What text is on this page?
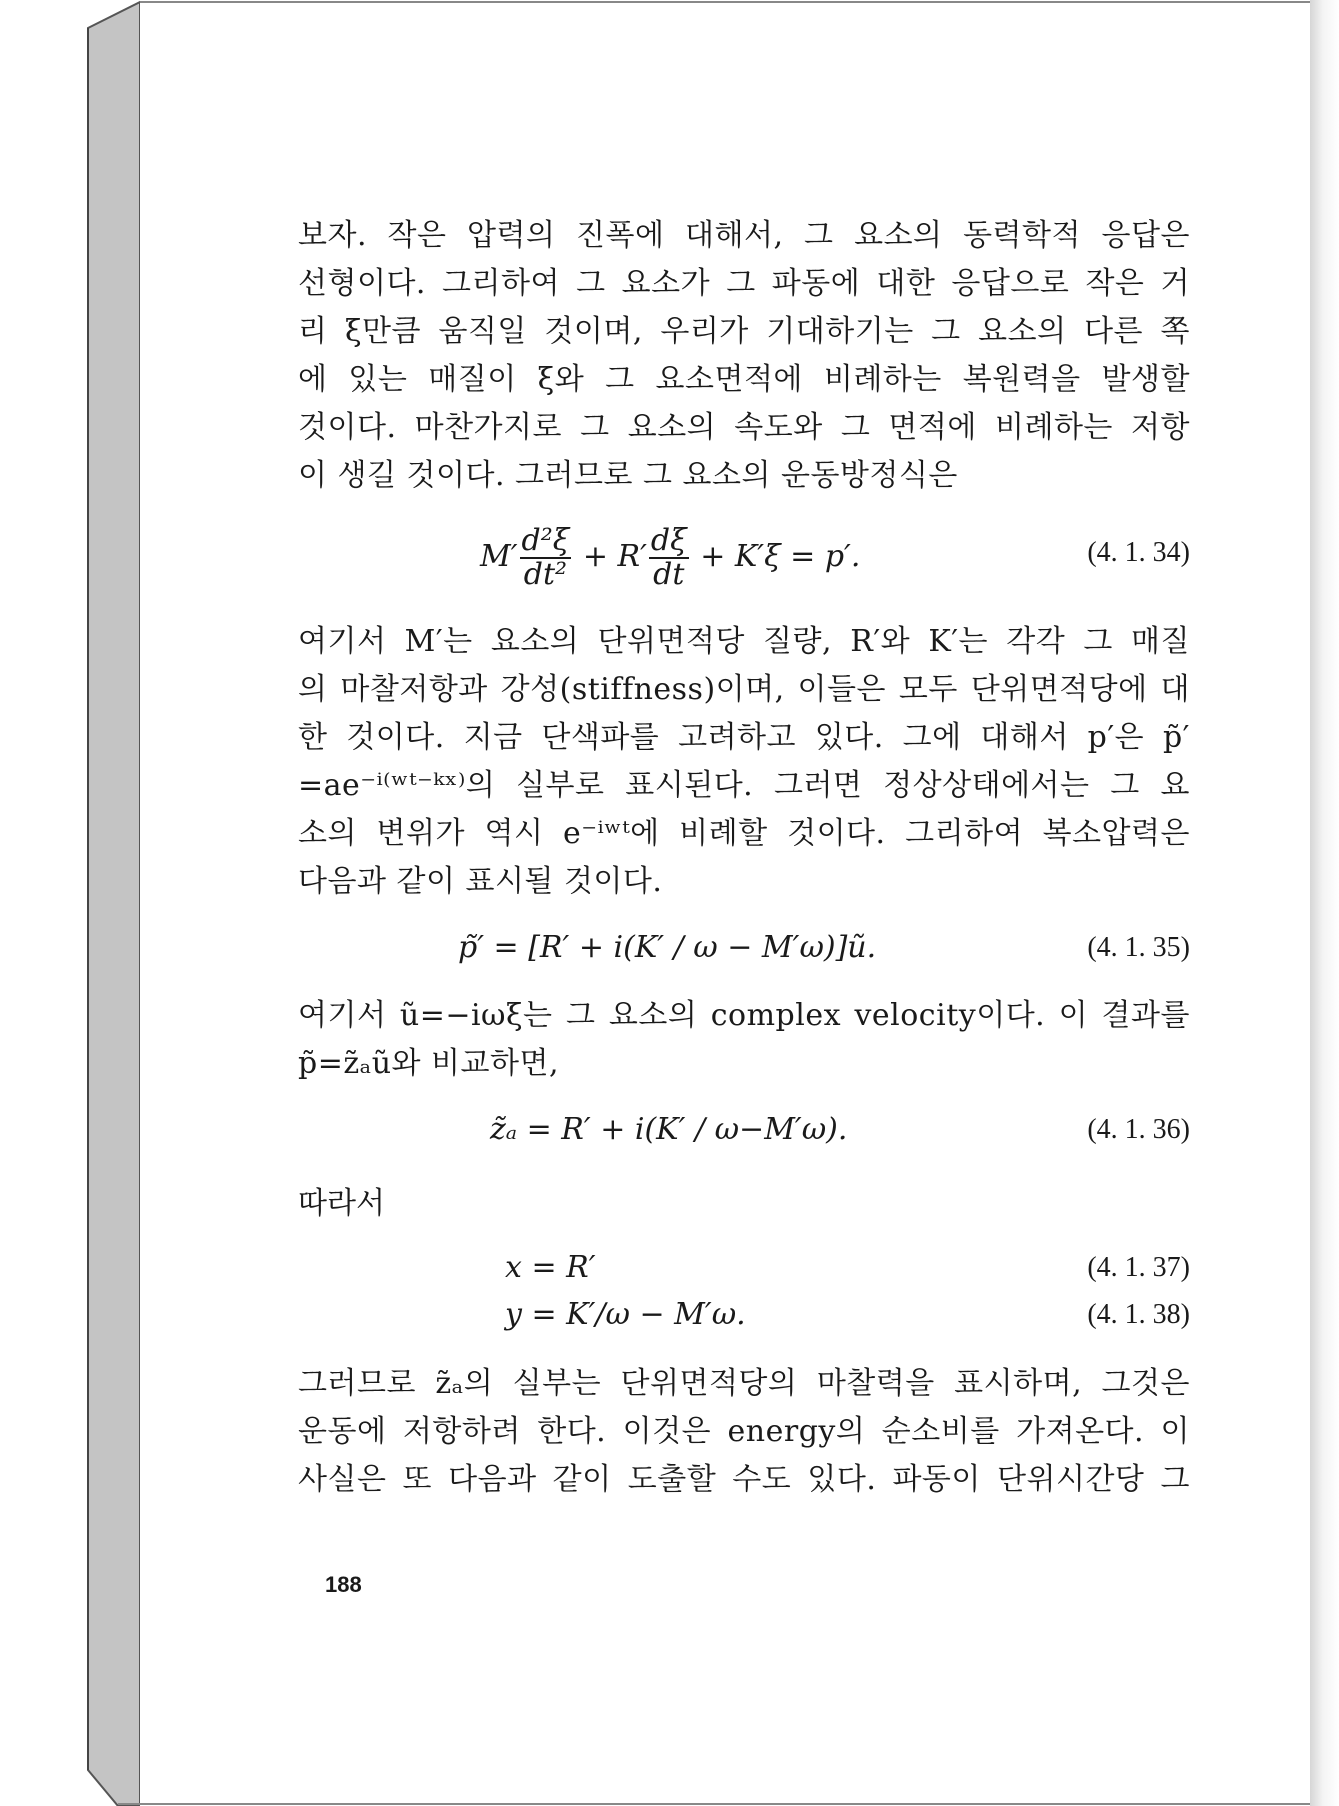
보자. 작은 압력의 진폭에 대해서, 그 요소의 동력학적 응답은
선형이다. 그리하여 그 요소가 그 파동에 대한 응답으로 작은 거
리 ξ만큼 움직일 것이며, 우리가 기대하기는 그 요소의 다른 쪽
에 있는 매질이 ξ와 그 요소면적에 비례하는 복원력을 발생할
것이다. 마찬가지로 그 요소의 속도와 그 면적에 비례하는 저항
이 생길 것이다. 그러므로 그 요소의 운동방정식은
$M' \frac{\text{d²ξ}}{\text{dt²}} + R' \frac{d\xi}{dt} + K'\xi = p'$.	(4. 1. 34)
여기서 M′는 요소의 단위면적당 질량, R′와 K′는 각각 그 매질
의 마찰저항과 강성(stiffness)이며, 이들은 모두 단위면적당에 대
한 것이다. 지금 단색파를 고려하고 있다. 그에 대해서 p′은 p̃′
=ae⁻ⁱ⁽ʷᵗ⁻ᵏˣ⁾의 실부로 표시된다. 그러면 정상상태에서는 그 요
소의 변위가 역시 e⁻ⁱʷᵗ에 비례할 것이다. 그리하여 복소압력은
다음과 같이 표시될 것이다.
p̃′ = [R′ + i(K′ / ω − M′ω)]ũ.	(4. 1. 35)
여기서 ũ=−iωξ는 그 요소의 complex velocity이다. 이 결과를
p̃=z̃ₐũ와 비교하면,
z̃ₐ = R′ + i(K′ / ω−M′ω).	(4. 1. 36)
따라서
x = R′	(4. 1. 37)
y = K′/ω − M′ω.	(4. 1. 38)
그러므로 z̃ₐ의 실부는 단위면적당의 마찰력을 표시하며, 그것은
운동에 저항하려 한다. 이것은 energy의 순소비를 가져온다. 이
사실은 또 다음과 같이 도출할 수도 있다. 파동이 단위시간당 그
188
